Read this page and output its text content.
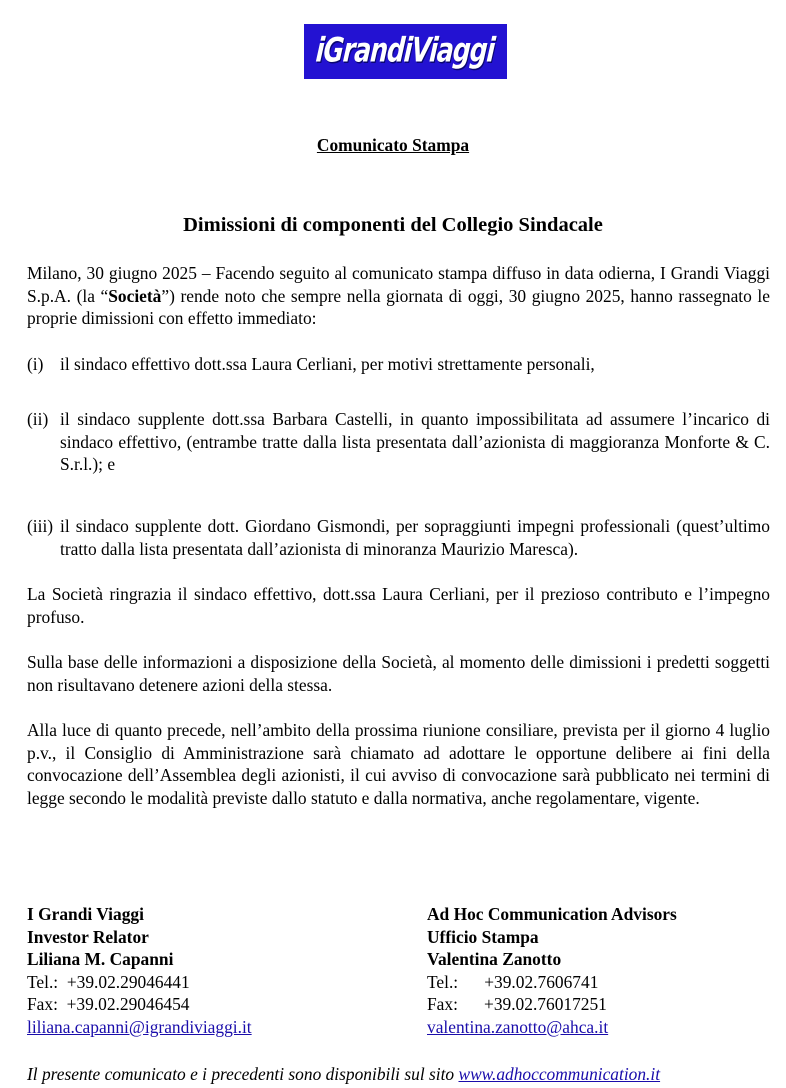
iGrandiViaggi
Comunicato Stampa
Dimissioni di componenti del Collegio Sindacale

Milano, 30 giugno 2025 – Facendo seguito al comunicato stampa diffuso in data odierna, I Grandi Viaggi S.p.A. (la “Società”) rende noto che sempre nella giornata di oggi, 30 giugno 2025, hanno rassegnato le proprie dimissioni con effetto immediato:

(i) il sindaco effettivo dott.ssa Laura Cerliani, per motivi strettamente personali,
(ii) il sindaco supplente dott.ssa Barbara Castelli, in quanto impossibilitata ad assumere l’incarico di sindaco effettivo, (entrambe tratte dalla lista presentata dall’azionista di maggioranza Monforte & C. S.r.l.); e
(iii) il sindaco supplente dott. Giordano Gismondi, per sopraggiunti impegni professionali (quest’ultimo tratto dalla lista presentata dall’azionista di minoranza Maurizio Maresca).

La Società ringrazia il sindaco effettivo, dott.ssa Laura Cerliani, per il prezioso contributo e l’impegno profuso.

Sulla base delle informazioni a disposizione della Società, al momento delle dimissioni i predetti soggetti non risultavano detenere azioni della stessa.

Alla luce di quanto precede, nell’ambito della prossima riunione consiliare, prevista per il giorno 4 luglio p.v., il Consiglio di Amministrazione sarà chiamato ad adottare le opportune delibere ai fini della convocazione dell’Assemblea degli azionisti, il cui avviso di convocazione sarà pubblicato nei termini di legge secondo le modalità previste dallo statuto e dalla normativa, anche regolamentare, vigente.

I Grandi Viaggi
Investor Relator
Liliana M. Capanni
Tel.: +39.02.29046441
Fax: +39.02.29046454
liliana.capanni@igrandiviaggi.it
Ad Hoc Communication Advisors
Ufficio Stampa
Valentina Zanotto
Tel.: +39.02.7606741
Fax: +39.02.76017251
valentina.zanotto@ahca.it
Il presente comunicato e i precedenti sono disponibili sul sito www.adhoccommunication.it
